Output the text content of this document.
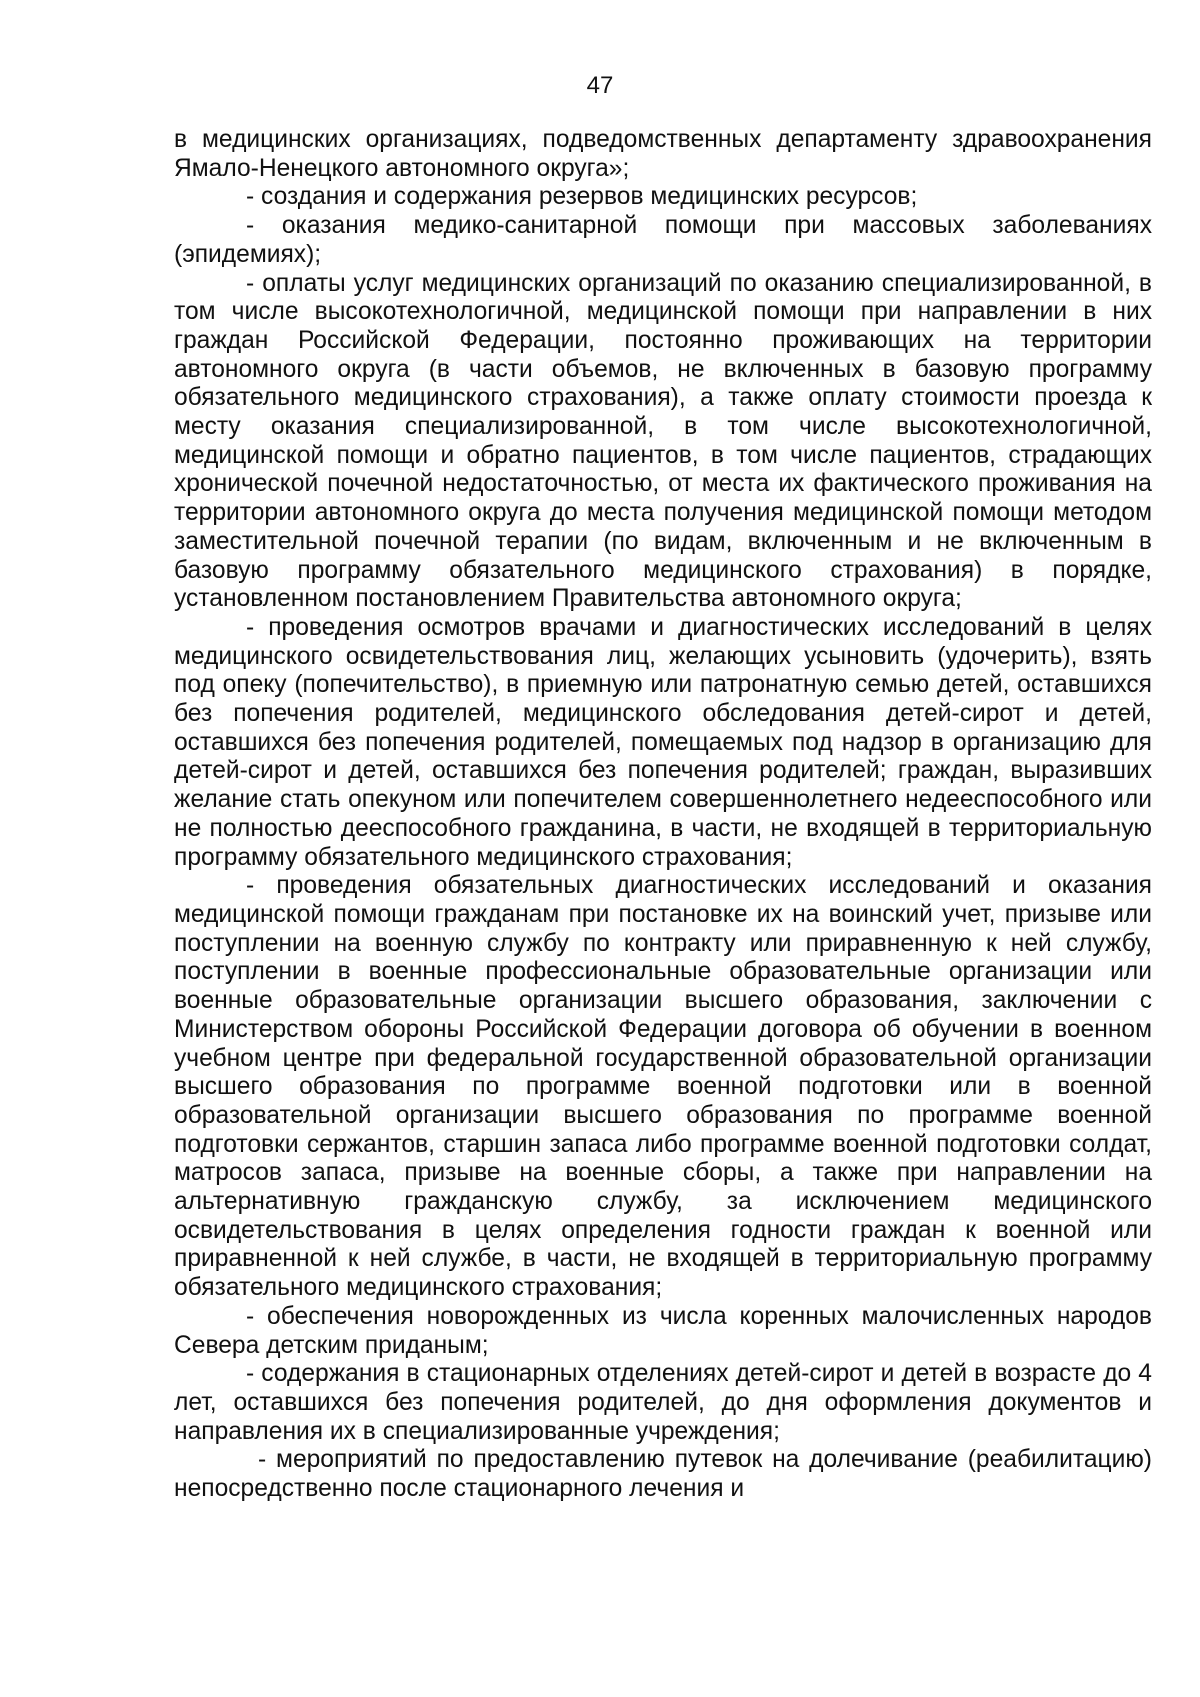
47

в медицинских организациях, подведомственных департаменту здравоохранения Ямало-Ненецкого автономного округа»;

- создания и содержания резервов медицинских ресурсов;

- оказания медико-санитарной помощи при массовых заболеваниях (эпидемиях);

- оплаты услуг медицинских организаций по оказанию специализированной, в том числе высокотехнологичной, медицинской помощи при направлении в них граждан Российской Федерации, постоянно проживающих на территории автономного округа (в части объемов, не включенных в базовую программу обязательного медицинского страхования), а также оплату стоимости проезда к месту оказания специализированной, в том числе высокотехнологичной, медицинской помощи и обратно пациентов, в том числе пациентов, страдающих хронической почечной недостаточностью, от места их фактического проживания на территории автономного округа до места получения медицинской помощи методом заместительной почечной терапии (по видам, включенным и не включенным в базовую программу обязательного медицинского страхования) в порядке, установленном постановлением Правительства автономного округа;

- проведения осмотров врачами и диагностических исследований в целях медицинского освидетельствования лиц, желающих усыновить (удочерить), взять под опеку (попечительство), в приемную или патронатную семью детей, оставшихся без попечения родителей, медицинского обследования детей-сирот и детей, оставшихся без попечения родителей, помещаемых под надзор в организацию для детей-сирот и детей, оставшихся без попечения родителей; граждан, выразивших желание стать опекуном или попечителем совершеннолетнего недееспособного или не полностью дееспособного гражданина, в части, не входящей в территориальную программу обязательного медицинского страхования;

- проведения обязательных диагностических исследований и оказания медицинской помощи гражданам при постановке их на воинский учет, призыве или поступлении на военную службу по контракту или приравненную к ней службу, поступлении в военные профессиональные образовательные организации или военные образовательные организации высшего образования, заключении с Министерством обороны Российской Федерации договора об обучении в военном учебном центре при федеральной государственной образовательной организации высшего образования по программе военной подготовки или в военной образовательной организации высшего образования по программе военной подготовки сержантов, старшин запаса либо программе военной подготовки солдат, матросов запаса, призыве на военные сборы, а также при направлении на альтернативную гражданскую службу, за исключением медицинского освидетельствования в целях определения годности граждан к военной или приравненной к ней службе, в части, не входящей в территориальную программу обязательного медицинского страхования;

- обеспечения новорожденных из числа коренных малочисленных народов Севера детским приданым;

- содержания в стационарных отделениях детей-сирот и детей в возрасте до 4 лет, оставшихся без попечения родителей, до дня оформления документов и направления их в специализированные учреждения;

- мероприятий по предоставлению путевок на долечивание (реабилитацию) непосредственно после стационарного лечения и
